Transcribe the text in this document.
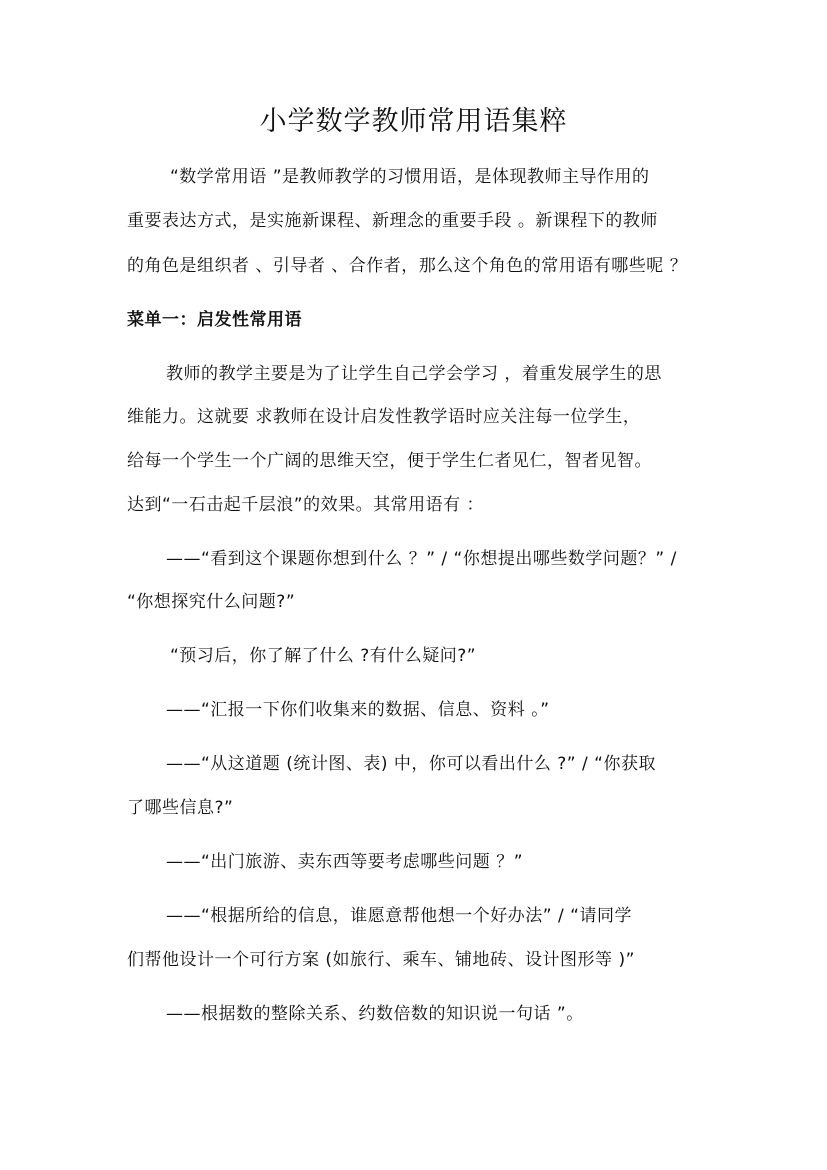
小学数学教师常用语集粹
“数学常用语 ”是教师教学的习惯用语，是体现教师主导作用的
重要表达方式，是实施新课程、新理念的重要手段 。新课程下的教师
的角色是组织者 、引导者 、合作者，那么这个角色的常用语有哪些呢 ？
菜单一：启发性常用语
教师的教学主要是为了让学生自己学会学习 ，着重发展学生的思
维能力。这就要 求教师在设计启发性教学语时应关注每一位学生，
给每一个学生一个广阔的思维天空，便于学生仁者见仁，智者见智。
达到“一石击起千层浪”的效果。其常用语有 ：
——“看到这个课题你想到什么 ？” / “你想提出哪些数学问题？” /
“你想探究什么问题?”
“预习后，你了解了什么 ?有什么疑问?”
——“汇报一下你们收集来的数据、信息、资料 。”
——“从这道题 (统计图、表) 中，你可以看出什么 ?” / “你获取
了哪些信息?”
——“出门旅游、卖东西等要考虑哪些问题 ？”
——“根据所给的信息，谁愿意帮他想一个好办法” / “请同学
们帮他设计一个可行方案 (如旅行、乘车、铺地砖、设计图形等 )”
——根据数的整除关系、约数倍数的知识说一句话 ”。
